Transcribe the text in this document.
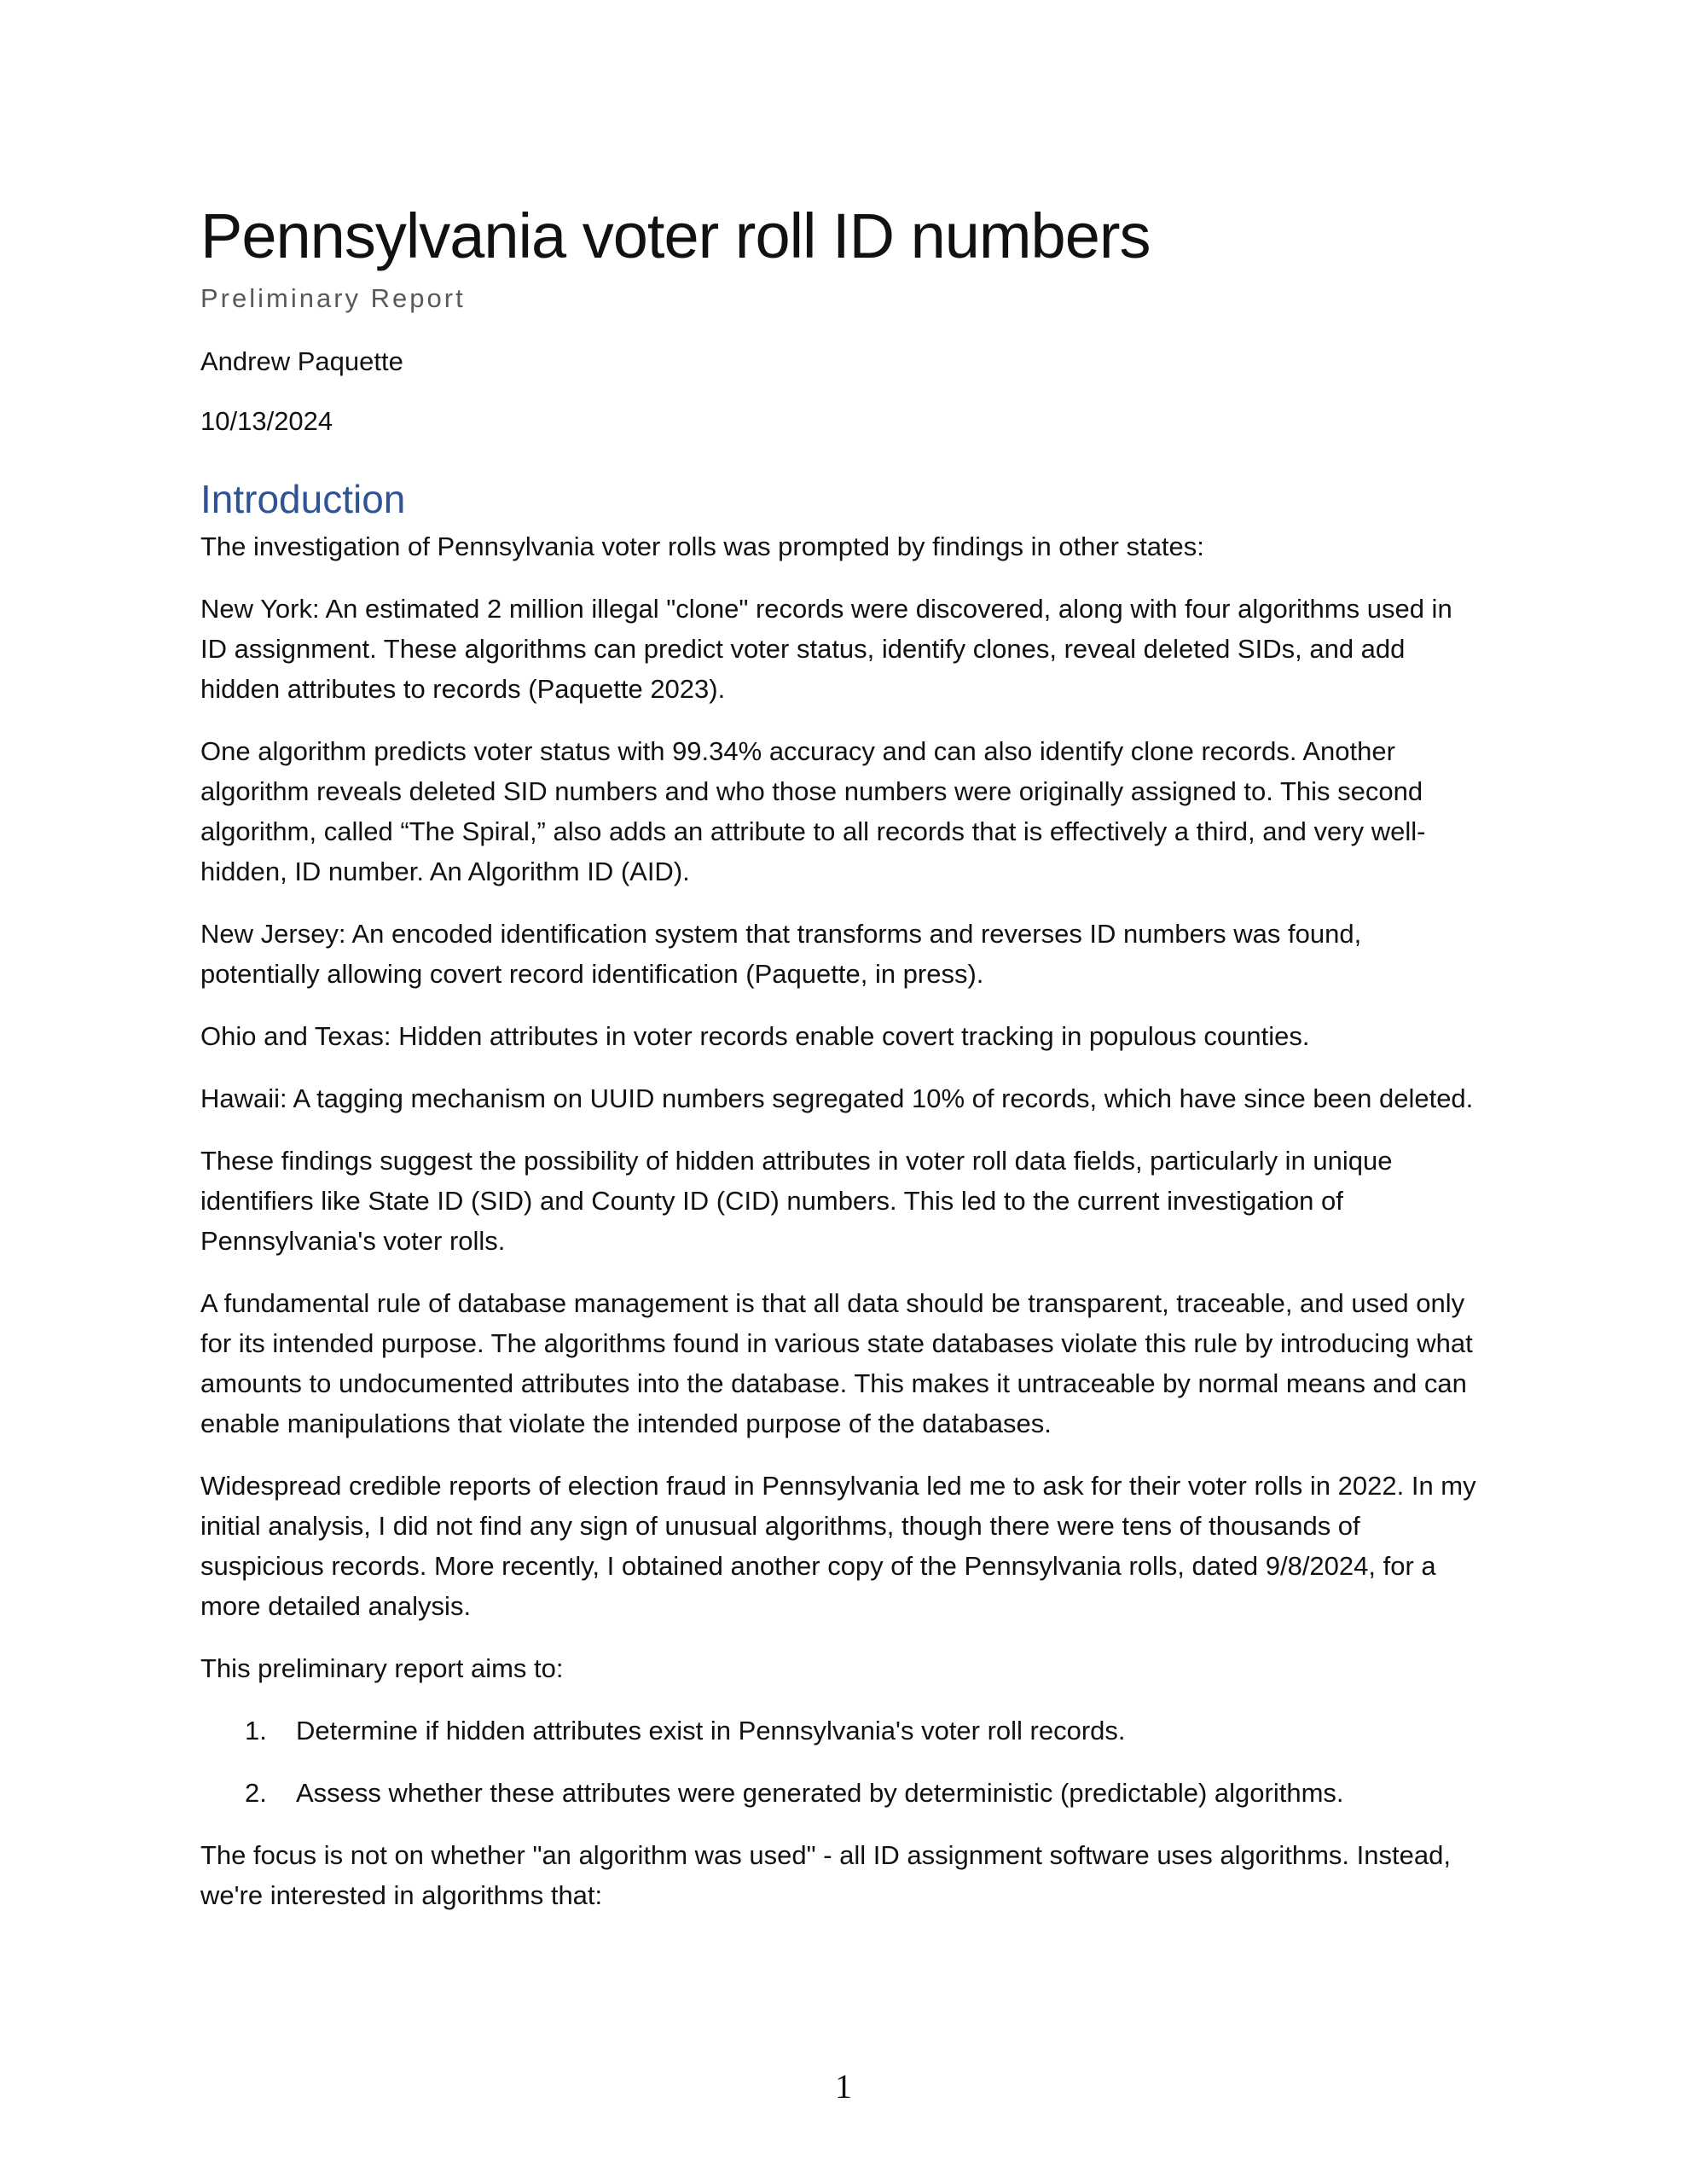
Pennsylvania voter roll ID numbers
Preliminary Report
Andrew Paquette
10/13/2024
Introduction

The investigation of Pennsylvania voter rolls was prompted by findings in other states:

New York: An estimated 2 million illegal "clone" records were discovered, along with four algorithms used in ID assignment. These algorithms can predict voter status, identify clones, reveal deleted SIDs, and add hidden attributes to records (Paquette 2023).

One algorithm predicts voter status with 99.34% accuracy and can also identify clone records. Another algorithm reveals deleted SID numbers and who those numbers were originally assigned to. This second algorithm, called “The Spiral,” also adds an attribute to all records that is effectively a third, and very well-hidden, ID number. An Algorithm ID (AID).

New Jersey: An encoded identification system that transforms and reverses ID numbers was found, potentially allowing covert record identification (Paquette, in press).

Ohio and Texas: Hidden attributes in voter records enable covert tracking in populous counties.

Hawaii: A tagging mechanism on UUID numbers segregated 10% of records, which have since been deleted.

These findings suggest the possibility of hidden attributes in voter roll data fields, particularly in unique identifiers like State ID (SID) and County ID (CID) numbers. This led to the current investigation of Pennsylvania's voter rolls.

A fundamental rule of database management is that all data should be transparent, traceable, and used only for its intended purpose. The algorithms found in various state databases violate this rule by introducing what amounts to undocumented attributes into the database. This makes it untraceable by normal means and can enable manipulations that violate the intended purpose of the databases.

Widespread credible reports of election fraud in Pennsylvania led me to ask for their voter rolls in 2022. In my initial analysis, I did not find any sign of unusual algorithms, though there were tens of thousands of suspicious records. More recently, I obtained another copy of the Pennsylvania rolls, dated 9/8/2024, for a more detailed analysis.

This preliminary report aims to:

1.	Determine if hidden attributes exist in Pennsylvania's voter roll records.
2.	Assess whether these attributes were generated by deterministic (predictable) algorithms.

The focus is not on whether "an algorithm was used" - all ID assignment software uses algorithms. Instead, we're interested in algorithms that:

1
